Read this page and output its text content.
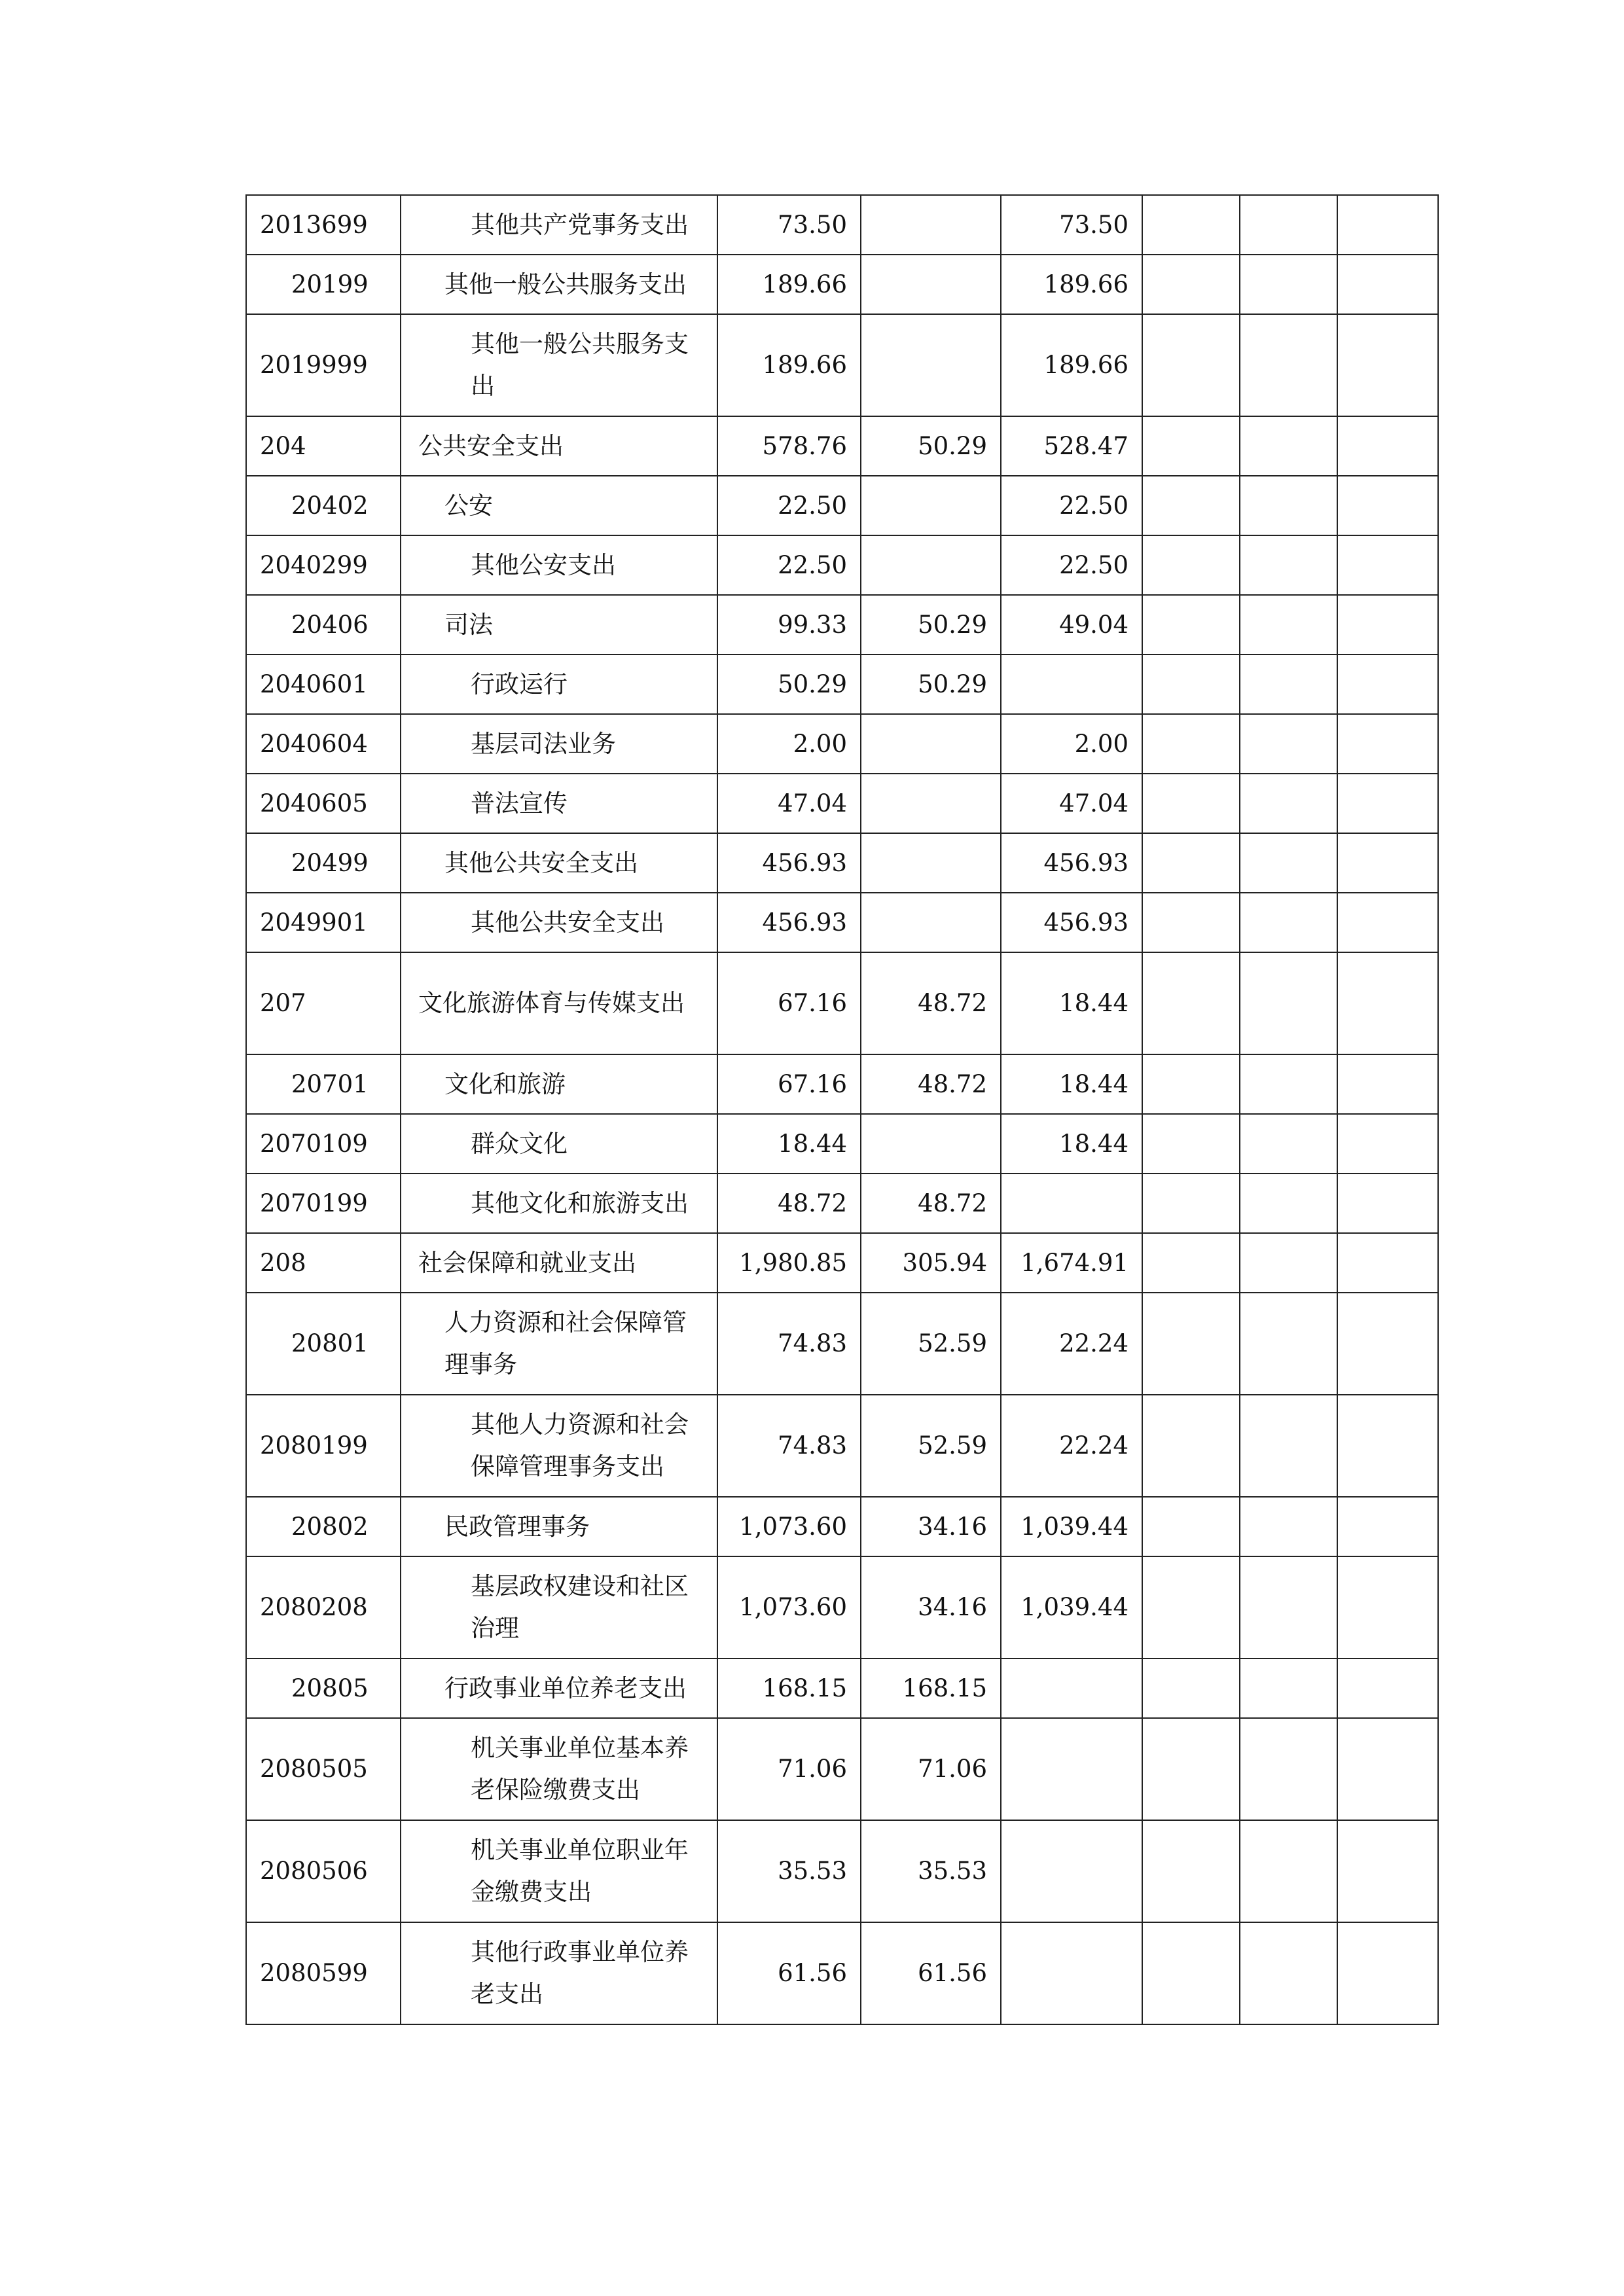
2013699	其他共产党事务支出	73.50		73.50			
20199	其他一般公共服务支出	189.66		189.66			
2019999	其他一般公共服务支出	189.66		189.66			
204	公共安全支出	578.76	50.29	528.47			
20402	公安	22.50		22.50			
2040299	其他公安支出	22.50		22.50			
20406	司法	99.33	50.29	49.04			
2040601	行政运行	50.29	50.29				
2040604	基层司法业务	2.00		2.00			
2040605	普法宣传	47.04		47.04			
20499	其他公共安全支出	456.93		456.93			
2049901	其他公共安全支出	456.93		456.93			
207	文化旅游体育与传媒支出	67.16	48.72	18.44			
20701	文化和旅游	67.16	48.72	18.44			
2070109	群众文化	18.44		18.44			
2070199	其他文化和旅游支出	48.72	48.72				
208	社会保障和就业支出	1,980.85	305.94	1,674.91			
20801	人力资源和社会保障管理事务	74.83	52.59	22.24			
2080199	其他人力资源和社会保障管理事务支出	74.83	52.59	22.24			
20802	民政管理事务	1,073.60	34.16	1,039.44			
2080208	基层政权建设和社区治理	1,073.60	34.16	1,039.44			
20805	行政事业单位养老支出	168.15	168.15				
2080505	机关事业单位基本养老保险缴费支出	71.06	71.06				
2080506	机关事业单位职业年金缴费支出	35.53	35.53				
2080599	其他行政事业单位养老支出	61.56	61.56				
